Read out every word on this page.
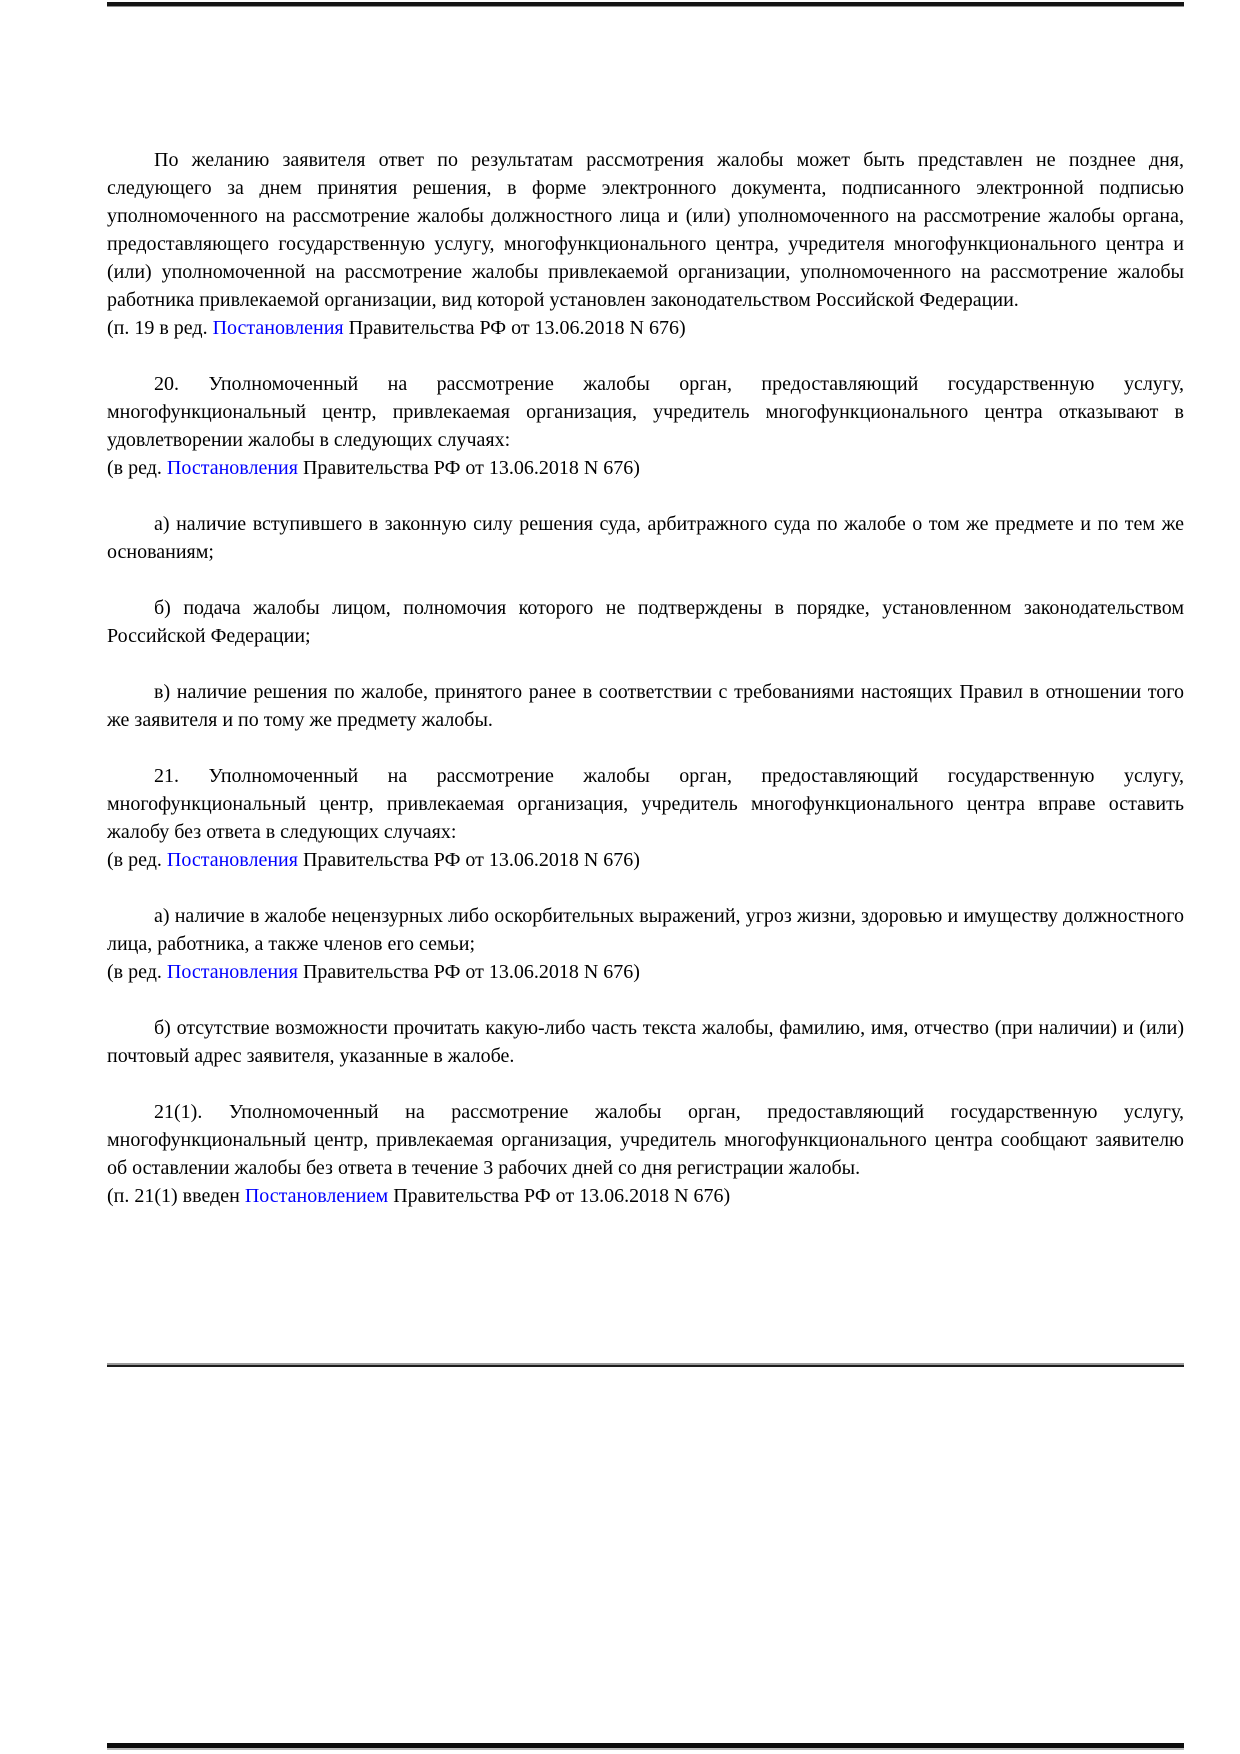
По желанию заявителя ответ по результатам рассмотрения жалобы может быть представлен не позднее дня, следующего за днем принятия решения, в форме электронного документа, подписанного электронной подписью уполномоченного на рассмотрение жалобы должностного лица и (или) уполномоченного на рассмотрение жалобы органа, предоставляющего государственную услугу, многофункционального центра, учредителя многофункционального центра и (или) уполномоченной на рассмотрение жалобы привлекаемой организации, уполномоченного на рассмотрение жалобы работника привлекаемой организации, вид которой установлен законодательством Российской Федерации.

(п. 19 в ред. Постановления Правительства РФ от 13.06.2018 N 676)

20. Уполномоченный на рассмотрение жалобы орган, предоставляющий государственную услугу, многофункциональный центр, привлекаемая организация, учредитель многофункционального центра отказывают в удовлетворении жалобы в следующих случаях:

(в ред. Постановления Правительства РФ от 13.06.2018 N 676)

а) наличие вступившего в законную силу решения суда, арбитражного суда по жалобе о том же предмете и по тем же основаниям;

б) подача жалобы лицом, полномочия которого не подтверждены в порядке, установленном законодательством Российской Федерации;

в) наличие решения по жалобе, принятого ранее в соответствии с требованиями настоящих Правил в отношении того же заявителя и по тому же предмету жалобы.

21. Уполномоченный на рассмотрение жалобы орган, предоставляющий государственную услугу, многофункциональный центр, привлекаемая организация, учредитель многофункционального центра вправе оставить жалобу без ответа в следующих случаях:

(в ред. Постановления Правительства РФ от 13.06.2018 N 676)

а) наличие в жалобе нецензурных либо оскорбительных выражений, угроз жизни, здоровью и имуществу должностного лица, работника, а также членов его семьи;

(в ред. Постановления Правительства РФ от 13.06.2018 N 676)

б) отсутствие возможности прочитать какую-либо часть текста жалобы, фамилию, имя, отчество (при наличии) и (или) почтовый адрес заявителя, указанные в жалобе.

21(1). Уполномоченный на рассмотрение жалобы орган, предоставляющий государственную услугу, многофункциональный центр, привлекаемая организация, учредитель многофункционального центра сообщают заявителю об оставлении жалобы без ответа в течение 3 рабочих дней со дня регистрации жалобы.

(п. 21(1) введен Постановлением Правительства РФ от 13.06.2018 N 676)
